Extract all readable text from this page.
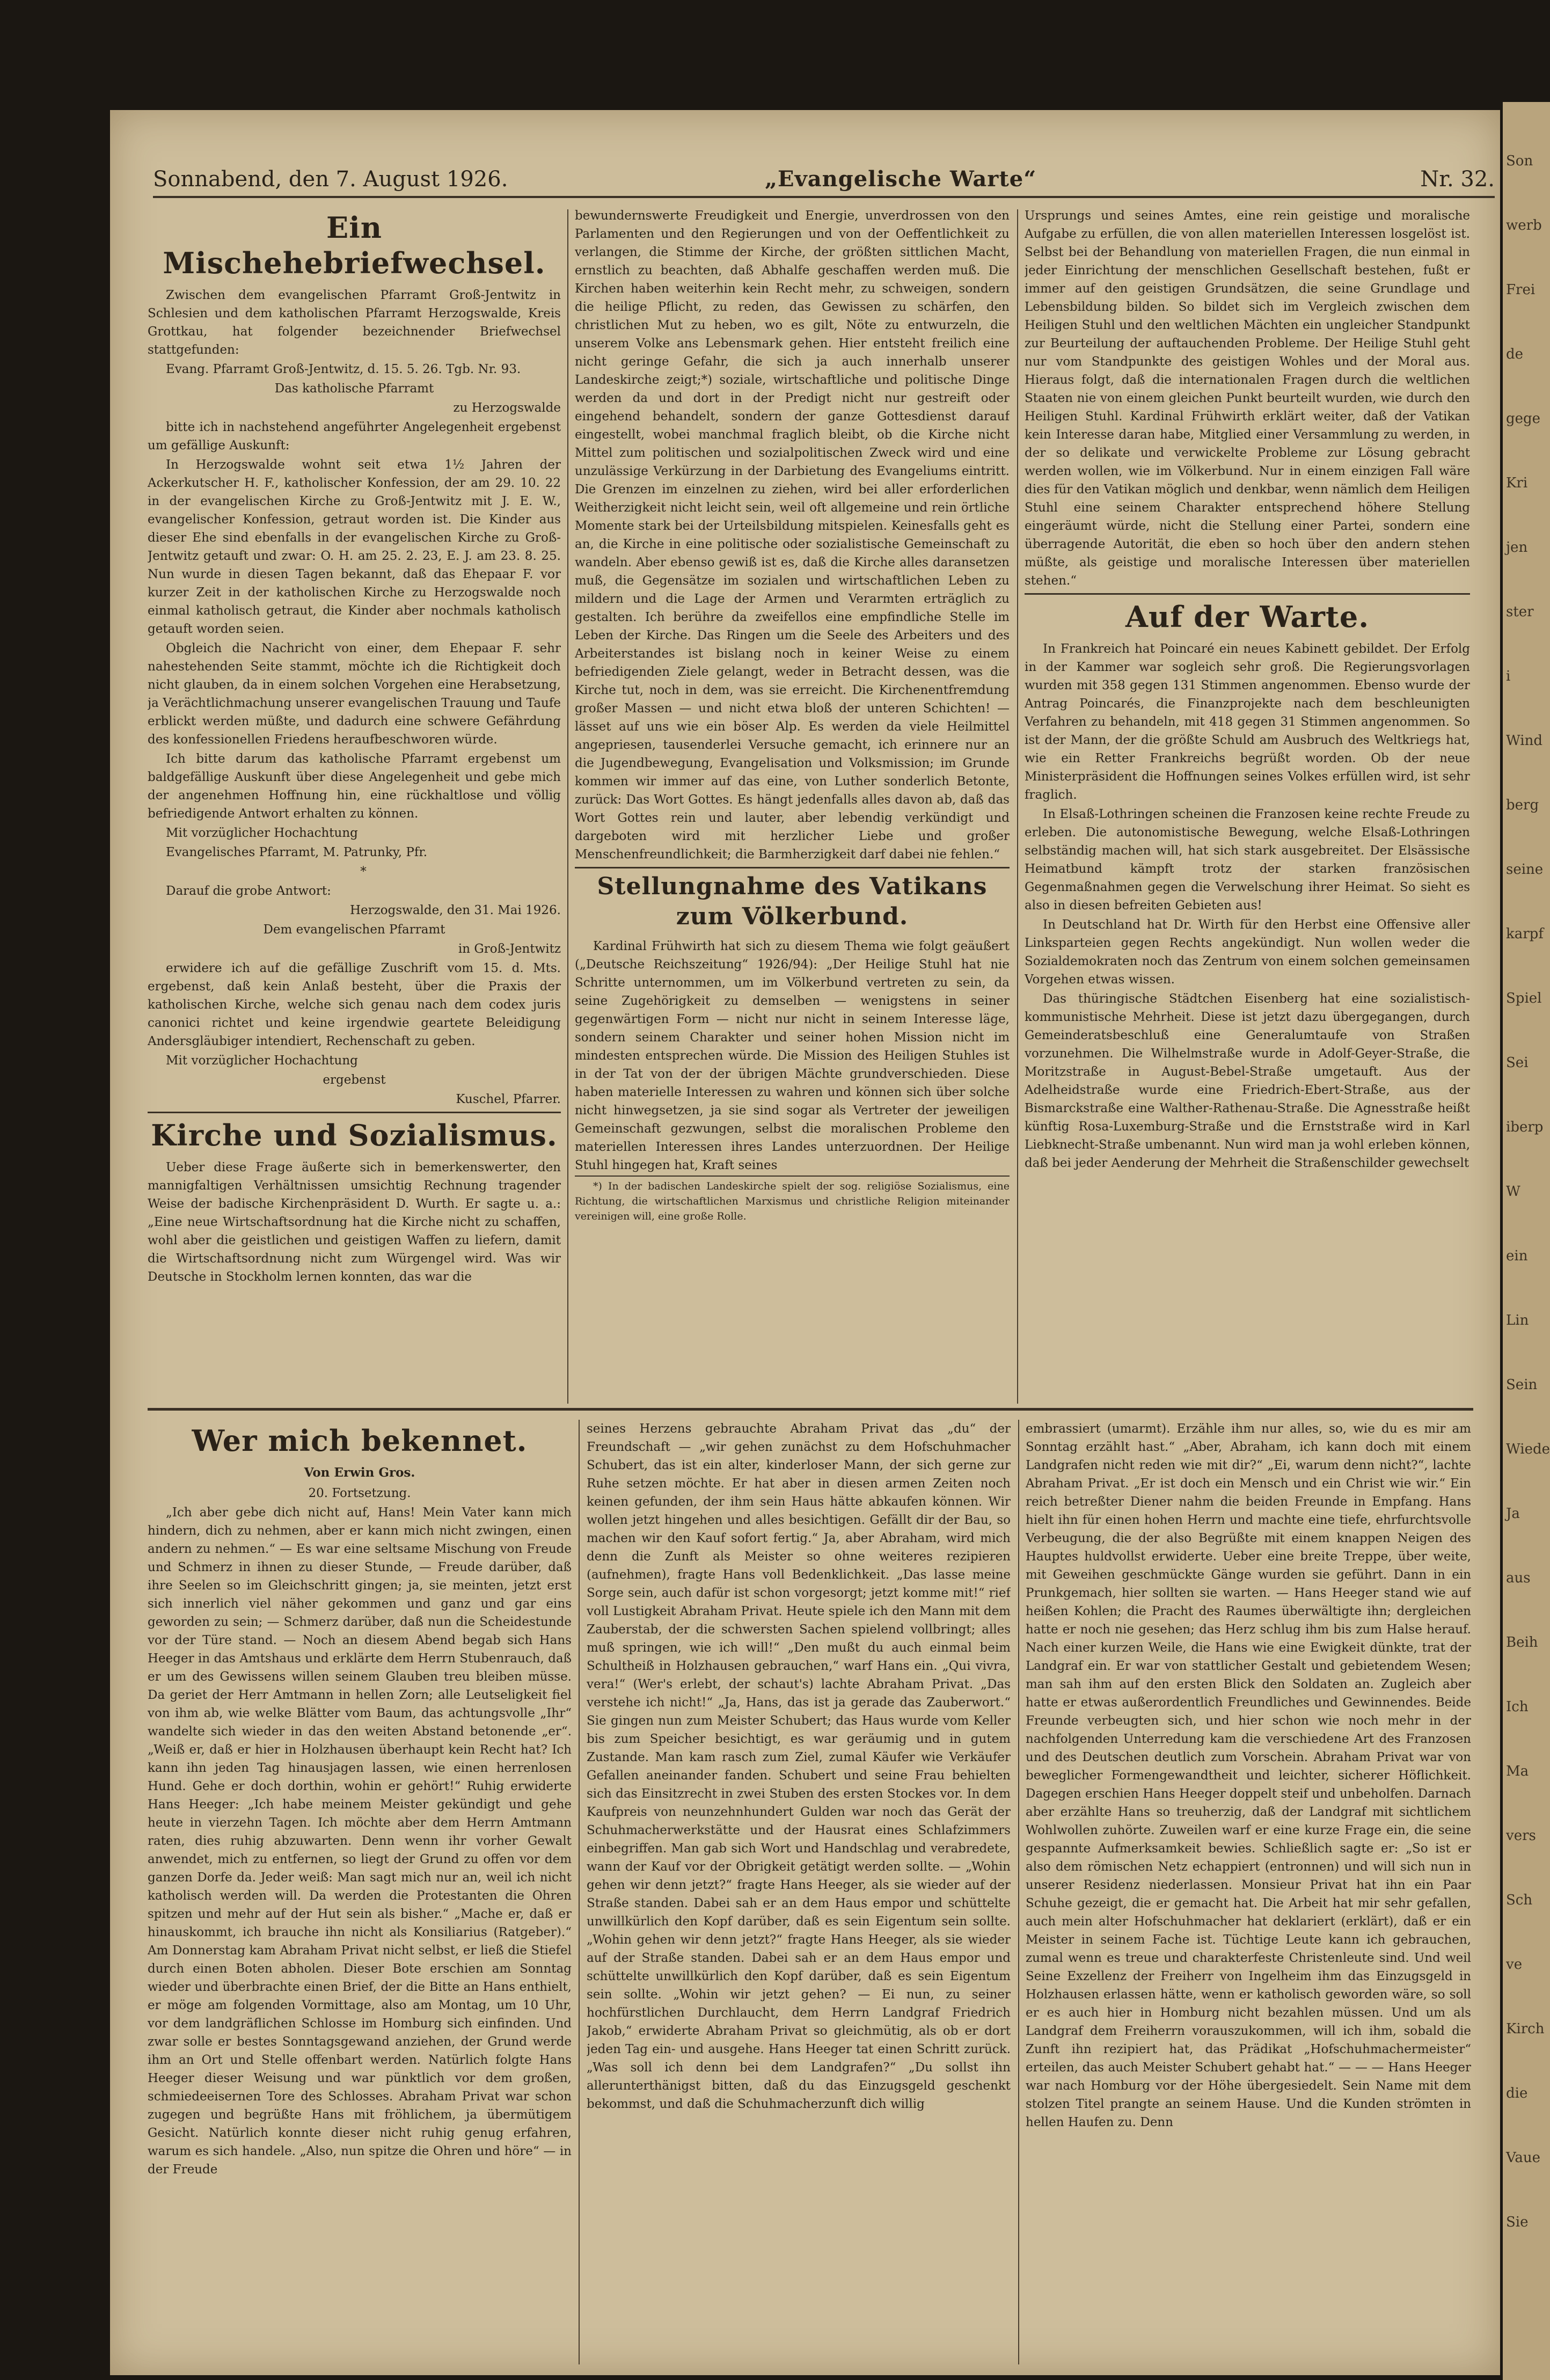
Sonnabend, den 7. August 1926.	„Evangelische Warte“	Nr. 32.
Ein Mischehebriefwechsel.

Zwischen dem evangelischen Pfarramt Groß-Jentwitz in Schlesien und dem katholischen Pfarramt Herzogswalde, Kreis Grottkau, hat folgender bezeichnender Briefwechsel stattgefunden:

Evang. Pfarramt Groß-Jentwitz, d. 15. 5. 26. Tgb. Nr. 93.

Das katholische Pfarramt

zu Herzogswalde

bitte ich in nachstehend angeführter Angelegenheit ergebenst um gefällige Auskunft:

In Herzogswalde wohnt seit etwa 1½ Jahren der Ackerkutscher H. F., katholischer Konfession, der am 29. 10. 22 in der evangelischen Kirche zu Groß-Jentwitz mit J. E. W., evangelischer Konfession, getraut worden ist. Die Kinder aus dieser Ehe sind ebenfalls in der evangelischen Kirche zu Groß-Jentwitz getauft und zwar: O. H. am 25. 2. 23, E. J. am 23. 8. 25. Nun wurde in diesen Tagen bekannt, daß das Ehepaar F. vor kurzer Zeit in der katholischen Kirche zu Herzogswalde noch einmal katholisch getraut, die Kinder aber nochmals katholisch getauft worden seien.

Obgleich die Nachricht von einer, dem Ehepaar F. sehr nahestehenden Seite stammt, möchte ich die Richtigkeit doch nicht glauben, da in einem solchen Vorgehen eine Herabsetzung, ja Verächtlichmachung unserer evangelischen Trauung und Taufe erblickt werden müßte, und dadurch eine schwere Gefährdung des konfessionellen Friedens heraufbeschworen würde.

Ich bitte darum das katholische Pfarramt ergebenst um baldgefällige Auskunft über diese Angelegenheit und gebe mich der angenehmen Hoffnung hin, eine rückhaltlose und völlig befriedigende Antwort erhalten zu können.

Mit vorzüglicher Hochachtung

Evangelisches Pfarramt, M. Patrunky, Pfr.

*

Darauf die grobe Antwort:

Herzogswalde, den 31. Mai 1926.

Dem evangelischen Pfarramt

in Groß-Jentwitz

erwidere ich auf die gefällige Zuschrift vom 15. d. Mts. ergebenst, daß kein Anlaß besteht, über die Praxis der katholischen Kirche, welche sich genau nach dem codex juris canonici richtet und keine irgendwie geartete Beleidigung Andersgläubiger intendiert, Rechenschaft zu geben.

Mit vorzüglicher Hochachtung

ergebenst

Kuschel, Pfarrer.

Kirche und Sozialismus.

Ueber diese Frage äußerte sich in bemerkenswerter, den mannigfaltigen Verhältnissen umsichtig Rechnung tragender Weise der badische Kirchenpräsident D. Wurth. Er sagte u. a.: „Eine neue Wirtschaftsordnung hat die Kirche nicht zu schaffen, wohl aber die geistlichen und geistigen Waffen zu liefern, damit die Wirtschaftsordnung nicht zum Würgengel wird. Was wir Deutsche in Stockholm lernen konnten, das war die

bewundernswerte Freudigkeit und Energie, unverdrossen von den Parlamenten und den Regierungen und von der Oeffentlichkeit zu verlangen, die Stimme der Kirche, der größten sittlichen Macht, ernstlich zu beachten, daß Abhalfe geschaffen werden muß. Die Kirchen haben weiterhin kein Recht mehr, zu schweigen, sondern die heilige Pflicht, zu reden, das Gewissen zu schärfen, den christlichen Mut zu heben, wo es gilt, Nöte zu entwurzeln, die unserem Volke ans Lebensmark gehen. Hier entsteht freilich eine nicht geringe Gefahr, die sich ja auch innerhalb unserer Landeskirche zeigt;*) soziale, wirtschaftliche und politische Dinge werden da und dort in der Predigt nicht nur gestreift oder eingehend behandelt, sondern der ganze Gottesdienst darauf eingestellt, wobei manchmal fraglich bleibt, ob die Kirche nicht Mittel zum politischen und sozialpolitischen Zweck wird und eine unzulässige Verkürzung in der Darbietung des Evangeliums eintritt. Die Grenzen im einzelnen zu ziehen, wird bei aller erforderlichen Weitherzigkeit nicht leicht sein, weil oft allgemeine und rein örtliche Momente stark bei der Urteilsbildung mitspielen. Keinesfalls geht es an, die Kirche in eine politische oder sozialistische Gemeinschaft zu wandeln. Aber ebenso gewiß ist es, daß die Kirche alles daransetzen muß, die Gegensätze im sozialen und wirtschaftlichen Leben zu mildern und die Lage der Armen und Verarmten erträglich zu gestalten. Ich berühre da zweifellos eine empfindliche Stelle im Leben der Kirche. Das Ringen um die Seele des Arbeiters und des Arbeiterstandes ist bislang noch in keiner Weise zu einem befriedigenden Ziele gelangt, weder in Betracht dessen, was die Kirche tut, noch in dem, was sie erreicht. Die Kirchenentfremdung großer Massen — und nicht etwa bloß der unteren Schichten! — lässet auf uns wie ein böser Alp. Es werden da viele Heilmittel angepriesen, tausenderlei Versuche gemacht, ich erinnere nur an die Jugendbewegung, Evangelisation und Volksmission; im Grunde kommen wir immer auf das eine, von Luther sonderlich Betonte, zurück: Das Wort Gottes. Es hängt jedenfalls alles davon ab, daß das Wort Gottes rein und lauter, aber lebendig verkündigt und dargeboten wird mit herzlicher Liebe und großer Menschenfreundlichkeit; die Barmherzigkeit darf dabei nie fehlen.“

Stellungnahme des Vatikans zum Völkerbund.

Kardinal Frühwirth hat sich zu diesem Thema wie folgt geäußert („Deutsche Reichszeitung“ 1926/94): „Der Heilige Stuhl hat nie Schritte unternommen, um im Völkerbund vertreten zu sein, da seine Zugehörigkeit zu demselben — wenigstens in seiner gegenwärtigen Form — nicht nur nicht in seinem Interesse läge, sondern seinem Charakter und seiner hohen Mission nicht im mindesten entsprechen würde. Die Mission des Heiligen Stuhles ist in der Tat von der der übrigen Mächte grundverschieden. Diese haben materielle Interessen zu wahren und können sich über solche nicht hinwegsetzen, ja sie sind sogar als Vertreter der jeweiligen Gemeinschaft gezwungen, selbst die moralischen Probleme den materiellen Interessen ihres Landes unterzuordnen. Der Heilige Stuhl hingegen hat, Kraft seines

*) In der badischen Landeskirche spielt der sog. religiöse Sozialismus, eine Richtung, die wirtschaftlichen Marxismus und christliche Religion miteinander vereinigen will, eine große Rolle.

Ursprungs und seines Amtes, eine rein geistige und moralische Aufgabe zu erfüllen, die von allen materiellen Interessen losgelöst ist. Selbst bei der Behandlung von materiellen Fragen, die nun einmal in jeder Einrichtung der menschlichen Gesellschaft bestehen, fußt er immer auf den geistigen Grundsätzen, die seine Grundlage und Lebensbildung bilden. So bildet sich im Vergleich zwischen dem Heiligen Stuhl und den weltlichen Mächten ein ungleicher Standpunkt zur Beurteilung der auftauchenden Probleme. Der Heilige Stuhl geht nur vom Standpunkte des geistigen Wohles und der Moral aus. Hieraus folgt, daß die internationalen Fragen durch die weltlichen Staaten nie von einem gleichen Punkt beurteilt wurden, wie durch den Heiligen Stuhl. Kardinal Frühwirth erklärt weiter, daß der Vatikan kein Interesse daran habe, Mitglied einer Versammlung zu werden, in der so delikate und verwickelte Probleme zur Lösung gebracht werden wollen, wie im Völkerbund. Nur in einem einzigen Fall wäre dies für den Vatikan möglich und denkbar, wenn nämlich dem Heiligen Stuhl eine seinem Charakter entsprechend höhere Stellung eingeräumt würde, nicht die Stellung einer Partei, sondern eine überragende Autorität, die eben so hoch über den andern stehen müßte, als geistige und moralische Interessen über materiellen stehen.“

Auf der Warte.

In Frankreich hat Poincaré ein neues Kabinett gebildet. Der Erfolg in der Kammer war sogleich sehr groß. Die Regierungsvorlagen wurden mit 358 gegen 131 Stimmen angenommen. Ebenso wurde der Antrag Poincarés, die Finanzprojekte nach dem beschleunigten Verfahren zu behandeln, mit 418 gegen 31 Stimmen angenommen. So ist der Mann, der die größte Schuld am Ausbruch des Weltkriegs hat, wie ein Retter Frankreichs begrüßt worden. Ob der neue Ministerpräsident die Hoffnungen seines Volkes erfüllen wird, ist sehr fraglich.

In Elsaß-Lothringen scheinen die Franzosen keine rechte Freude zu erleben. Die autonomistische Bewegung, welche Elsaß-Lothringen selbständig machen will, hat sich stark ausgebreitet. Der Elsässische Heimatbund kämpft trotz der starken französischen Gegenmaßnahmen gegen die Verwelschung ihrer Heimat. So sieht es also in diesen befreiten Gebieten aus!

In Deutschland hat Dr. Wirth für den Herbst eine Offensive aller Linksparteien gegen Rechts angekündigt. Nun wollen weder die Sozialdemokraten noch das Zentrum von einem solchen gemeinsamen Vorgehen etwas wissen.

Das thüringische Städtchen Eisenberg hat eine sozialistisch-kommunistische Mehrheit. Diese ist jetzt dazu übergegangen, durch Gemeinderatsbeschluß eine Generalumtaufe von Straßen vorzunehmen. Die Wilhelmstraße wurde in Adolf-Geyer-Straße, die Moritzstraße in August-Bebel-Straße umgetauft. Aus der Adelheidstraße wurde eine Friedrich-Ebert-Straße, aus der Bismarckstraße eine Walther-Rathenau-Straße. Die Agnesstraße heißt künftig Rosa-Luxemburg-Straße und die Ernststraße wird in Karl Liebknecht-Straße umbenannt. Nun wird man ja wohl erleben können, daß bei jeder Aenderung der Mehrheit die Straßenschilder gewechselt

Wer mich bekennet.

Von Erwin Gros.

20. Fortsetzung.

„Ich aber gebe dich nicht auf, Hans! Mein Vater kann mich hindern, dich zu nehmen, aber er kann mich nicht zwingen, einen andern zu nehmen.“ — Es war eine seltsame Mischung von Freude und Schmerz in ihnen zu dieser Stunde, — Freude darüber, daß ihre Seelen so im Gleichschritt gingen; ja, sie meinten, jetzt erst sich innerlich viel näher gekommen und ganz und gar eins geworden zu sein; — Schmerz darüber, daß nun die Scheidestunde vor der Türe stand. — Noch an diesem Abend begab sich Hans Heeger in das Amtshaus und erklärte dem Herrn Stubenrauch, daß er um des Gewissens willen seinem Glauben treu bleiben müsse. Da geriet der Herr Amtmann in hellen Zorn; alle Leutseligkeit fiel von ihm ab, wie welke Blätter vom Baum, das achtungsvolle „Ihr“ wandelte sich wieder in das den weiten Abstand betonende „er“. „Weiß er, daß er hier in Holzhausen überhaupt kein Recht hat? Ich kann ihn jeden Tag hinausjagen lassen, wie einen herrenlosen Hund. Gehe er doch dorthin, wohin er gehört!“ Ruhig erwiderte Hans Heeger: „Ich habe meinem Meister gekündigt und gehe heute in vierzehn Tagen. Ich möchte aber dem Herrn Amtmann raten, dies ruhig abzuwarten. Denn wenn ihr vorher Gewalt anwendet, mich zu entfernen, so liegt der Grund zu offen vor dem ganzen Dorfe da. Jeder weiß: Man sagt mich nur an, weil ich nicht katholisch werden will. Da werden die Protestanten die Ohren spitzen und mehr auf der Hut sein als bisher.“ „Mache er, daß er hinauskommt, ich brauche ihn nicht als Konsiliarius (Ratgeber).“ Am Donnerstag kam Abraham Privat nicht selbst, er ließ die Stiefel durch einen Boten abholen. Dieser Bote erschien am Sonntag wieder und überbrachte einen Brief, der die Bitte an Hans enthielt, er möge am folgenden Vormittage, also am Montag, um 10 Uhr, vor dem landgräflichen Schlosse im Homburg sich einfinden. Und zwar solle er bestes Sonntagsgewand anziehen, der Grund werde ihm an Ort und Stelle offenbart werden. Natürlich folgte Hans Heeger dieser Weisung und war pünktlich vor dem großen, schmiedeeisernen Tore des Schlosses. Abraham Privat war schon zugegen und begrüßte Hans mit fröhlichem, ja übermütigem Gesicht. Natürlich konnte dieser nicht ruhig genug erfahren, warum es sich handele. „Also, nun spitze die Ohren und höre“ — in der Freude

seines Herzens gebrauchte Abraham Privat das „du“ der Freundschaft — „wir gehen zunächst zu dem Hofschuhmacher Schubert, das ist ein alter, kinderloser Mann, der sich gerne zur Ruhe setzen möchte. Er hat aber in diesen armen Zeiten noch keinen gefunden, der ihm sein Haus hätte abkaufen können. Wir wollen jetzt hingehen und alles besichtigen. Gefällt dir der Bau, so machen wir den Kauf sofort fertig.“ Ja, aber Abraham, wird mich denn die Zunft als Meister so ohne weiteres rezipieren (aufnehmen), fragte Hans voll Bedenklichkeit. „Das lasse meine Sorge sein, auch dafür ist schon vorgesorgt; jetzt komme mit!“ rief voll Lustigkeit Abraham Privat. Heute spiele ich den Mann mit dem Zauberstab, der die schwersten Sachen spielend vollbringt; alles muß springen, wie ich will!“ „Den mußt du auch einmal beim Schultheiß in Holzhausen gebrauchen,“ warf Hans ein. „Qui vivra, vera!“ (Wer's erlebt, der schaut's) lachte Abraham Privat. „Das verstehe ich nicht!“ „Ja, Hans, das ist ja gerade das Zauberwort.“ Sie gingen nun zum Meister Schubert; das Haus wurde vom Keller bis zum Speicher besichtigt, es war geräumig und in gutem Zustande. Man kam rasch zum Ziel, zumal Käufer wie Verkäufer Gefallen aneinander fanden. Schubert und seine Frau behielten sich das Einsitzrecht in zwei Stuben des ersten Stockes vor. In dem Kaufpreis von neunzehnhundert Gulden war noch das Gerät der Schuhmacherwerkstätte und der Hausrat eines Schlafzimmers einbegriffen. Man gab sich Wort und Handschlag und verabredete, wann der Kauf vor der Obrigkeit getätigt werden sollte. — „Wohin gehen wir denn jetzt?“ fragte Hans Heeger, als sie wieder auf der Straße standen. Dabei sah er an dem Haus empor und schüttelte unwillkürlich den Kopf darüber, daß es sein Eigentum sein sollte. „Wohin gehen wir denn jetzt?“ fragte Hans Heeger, als sie wieder auf der Straße standen. Dabei sah er an dem Haus empor und schüttelte unwillkürlich den Kopf darüber, daß es sein Eigentum sein sollte. „Wohin wir jetzt gehen? — Ei nun, zu seiner hochfürstlichen Durchlaucht, dem Herrn Landgraf Friedrich Jakob,“ erwiderte Abraham Privat so gleichmütig, als ob er dort jeden Tag ein- und ausgehe. Hans Heeger tat einen Schritt zurück. „Was soll ich denn bei dem Landgrafen?“ „Du sollst ihn allerunterthänigst bitten, daß du das Einzugsgeld geschenkt bekommst, und daß die Schuhmacherzunft dich willig

embrassiert (umarmt). Erzähle ihm nur alles, so, wie du es mir am Sonntag erzählt hast.“ „Aber, Abraham, ich kann doch mit einem Landgrafen nicht reden wie mit dir?“ „Ei, warum denn nicht?“, lachte Abraham Privat. „Er ist doch ein Mensch und ein Christ wie wir.“ Ein reich betreßter Diener nahm die beiden Freunde in Empfang. Hans hielt ihn für einen hohen Herrn und machte eine tiefe, ehrfurchtsvolle Verbeugung, die der also Begrüßte mit einem knappen Neigen des Hauptes huldvollst erwiderte. Ueber eine breite Treppe, über weite, mit Geweihen geschmückte Gänge wurden sie geführt. Dann in ein Prunkgemach, hier sollten sie warten. — Hans Heeger stand wie auf heißen Kohlen; die Pracht des Raumes überwältigte ihn; dergleichen hatte er noch nie gesehen; das Herz schlug ihm bis zum Halse herauf. Nach einer kurzen Weile, die Hans wie eine Ewigkeit dünkte, trat der Landgraf ein. Er war von stattlicher Gestalt und gebietendem Wesen; man sah ihm auf den ersten Blick den Soldaten an. Zugleich aber hatte er etwas außerordentlich Freundliches und Gewinnendes. Beide Freunde verbeugten sich, und hier schon wie noch mehr in der nachfolgenden Unterredung kam die verschiedene Art des Franzosen und des Deutschen deutlich zum Vorschein. Abraham Privat war von beweglicher Formengewandtheit und leichter, sicherer Höflichkeit. Dagegen erschien Hans Heeger doppelt steif und unbeholfen. Darnach aber erzählte Hans so treuherzig, daß der Landgraf mit sichtlichem Wohlwollen zuhörte. Zuweilen warf er eine kurze Frage ein, die seine gespannte Aufmerksamkeit bewies. Schließlich sagte er: „So ist er also dem römischen Netz echappiert (entronnen) und will sich nun in unserer Residenz niederlassen. Monsieur Privat hat ihn ein Paar Schuhe gezeigt, die er gemacht hat. Die Arbeit hat mir sehr gefallen, auch mein alter Hofschuhmacher hat deklariert (erklärt), daß er ein Meister in seinem Fache ist. Tüchtige Leute kann ich gebrauchen, zumal wenn es treue und charakterfeste Christenleute sind. Und weil Seine Exzellenz der Freiherr von Ingelheim ihm das Einzugsgeld in Holzhausen erlassen hätte, wenn er katholisch geworden wäre, so soll er es auch hier in Homburg nicht bezahlen müssen. Und um als Landgraf dem Freiherrn vorauszukommen, will ich ihm, sobald die Zunft ihn rezipiert hat, das Prädikat „Hofschuhmachermeister“ erteilen, das auch Meister Schubert gehabt hat.“ — — — Hans Heeger war nach Homburg vor der Höhe übergesiedelt. Sein Name mit dem stolzen Titel prangte an seinem Hause. Und die Kunden strömten in hellen Haufen zu. Denn

Son
werb
Frei
de
gege
Kri
jen
ster
i
Wind
berg
seine
karpf
Spiel
Sei
iberp
W
ein
Lin
Sein
Wiede
Ja
aus
Beih
Ich
Ma
vers
Sch
ve
Kirch
die
Vaue
Sie
